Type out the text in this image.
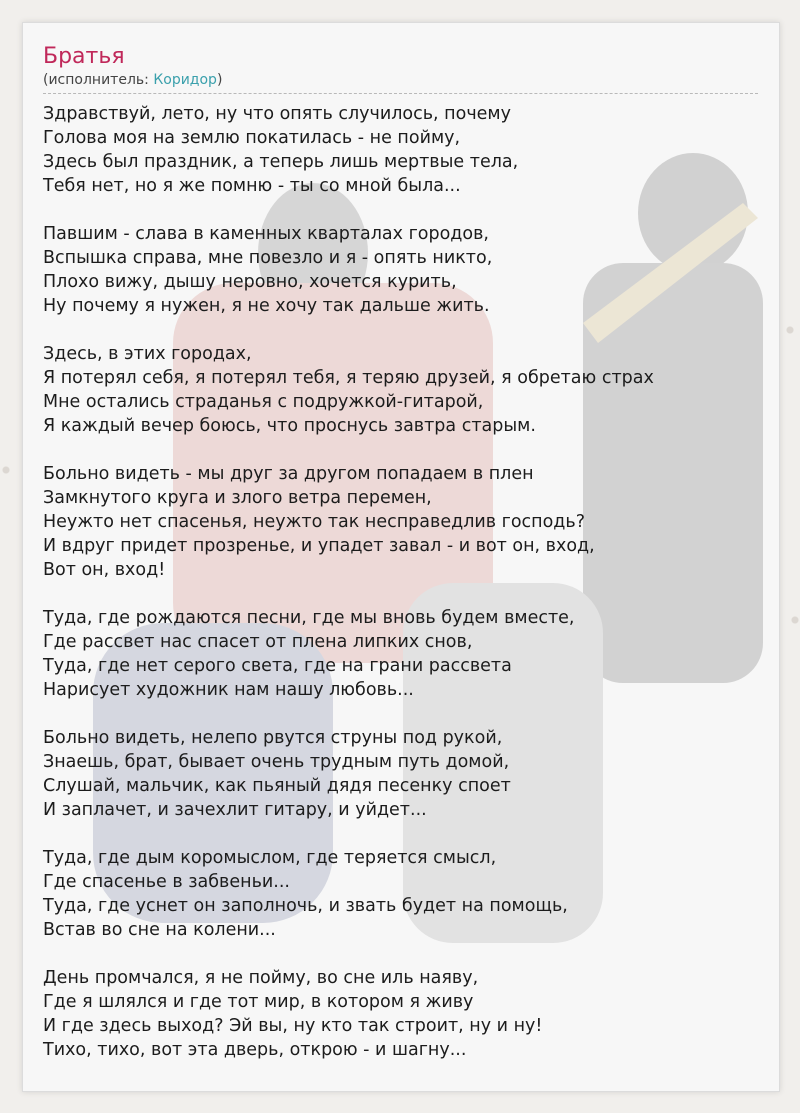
Братья
(исполнитель: Коридор)
Здравствуй, лето, ну что опять случилось, почему
Голова моя на землю покатилась - не пойму,
Здесь был праздник, а теперь лишь мертвые тела,
Тебя нет, но я же помню - ты со мной была...
Павшим - слава в каменных кварталах городов,
Вспышка справа, мне повезло и я - опять никто,
Плохо вижу, дышу неровно, хочется курить,
Ну почему я нужен, я не хочу так дальше жить.
Здесь, в этих городах,
Я потерял себя, я потерял тебя, я теряю друзей, я обретаю страх
Мне остались страданья с подружкой-гитарой,
Я каждый вечер боюсь, что проснусь завтра старым.
Больно видеть - мы друг за другом попадаем в плен
Замкнутого круга и злого ветра перемен,
Неужто нет спасенья, неужто так несправедлив господь?
И вдруг придет прозренье, и упадет завал - и вот он, вход,
Вот он, вход!
Туда, где рождаются песни, где мы вновь будем вместе,
Где рассвет нас спасет от плена липких снов,
Туда, где нет серого света, где на грани рассвета
Нарисует художник нам нашу любовь...
Больно видеть, нелепо рвутся струны под рукой,
Знаешь, брат, бывает очень трудным путь домой,
Слушай, мальчик, как пьяный дядя песенку споет
И заплачет, и зачехлит гитару, и уйдет...
Туда, где дым коромыслом, где теряется смысл,
Где спасенье в забвеньи...
Туда, где уснет он заполночь, и звать будет на помощь,
Встав во сне на колени...
День промчался, я не пойму, во сне иль наяву,
Где я шлялся и где тот мир, в котором я живу
И где здесь выход? Эй вы, ну кто так строит, ну и ну!
Тихо, тихо, вот эта дверь, открою - и шагну...
